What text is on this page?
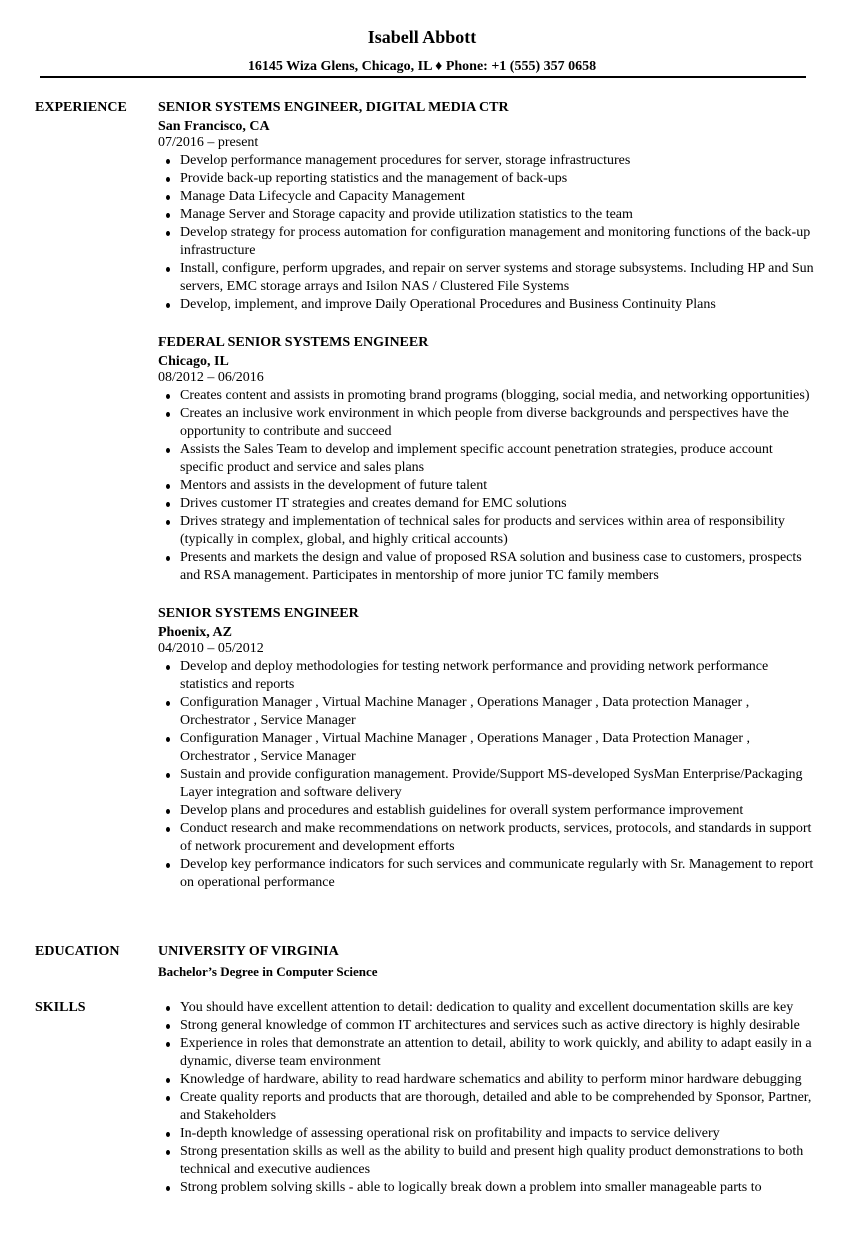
Isabell Abbott
16145 Wiza Glens, Chicago, IL ♦ Phone: +1 (555) 357 0658
EXPERIENCE SENIOR SYSTEMS ENGINEER, DIGITAL MEDIA CTR
San Francisco, CA
07/2016 – present
Develop performance management procedures for server, storage infrastructures
Provide back-up reporting statistics and the management of back-ups
Manage Data Lifecycle and Capacity Management
Manage Server and Storage capacity and provide utilization statistics to the team
Develop strategy for process automation for configuration management and monitoring functions of the back-up infrastructure
Install, configure, perform upgrades, and repair on server systems and storage subsystems. Including HP and Sun servers, EMC storage arrays and Isilon NAS / Clustered File Systems
Develop, implement, and improve Daily Operational Procedures and Business Continuity Plans
FEDERAL SENIOR SYSTEMS ENGINEER
Chicago, IL
08/2012 – 06/2016
Creates content and assists in promoting brand programs (blogging, social media, and networking opportunities)
Creates an inclusive work environment in which people from diverse backgrounds and perspectives have the opportunity to contribute and succeed
Assists the Sales Team to develop and implement specific account penetration strategies, produce account specific product and service and sales plans
Mentors and assists in the development of future talent
Drives customer IT strategies and creates demand for EMC solutions
Drives strategy and implementation of technical sales for products and services within area of responsibility (typically in complex, global, and highly critical accounts)
Presents and markets the design and value of proposed RSA solution and business case to customers, prospects and RSA management. Participates in mentorship of more junior TC family members
SENIOR SYSTEMS ENGINEER
Phoenix, AZ
04/2010 – 05/2012
Develop and deploy methodologies for testing network performance and providing network performance statistics and reports
Configuration Manager , Virtual Machine Manager , Operations Manager , Data protection Manager , Orchestrator , Service Manager
Configuration Manager , Virtual Machine Manager , Operations Manager , Data Protection Manager , Orchestrator , Service Manager
Sustain and provide configuration management. Provide/Support MS-developed SysMan Enterprise/Packaging Layer integration and software delivery
Develop plans and procedures and establish guidelines for overall system performance improvement
Conduct research and make recommendations on network products, services, protocols, and standards in support of network procurement and development efforts
Develop key performance indicators for such services and communicate regularly with Sr. Management to report on operational performance
EDUCATION	UNIVERSITY OF VIRGINIA
Bachelor’s Degree in Computer Science
SKILLS	You should have excellent attention to detail: dedication to quality and excellent documentation skills are key
Strong general knowledge of common IT architectures and services such as active directory is highly desirable
Experience in roles that demonstrate an attention to detail, ability to work quickly, and ability to adapt easily in a dynamic, diverse team environment
Knowledge of hardware, ability to read hardware schematics and ability to perform minor hardware debugging
Create quality reports and products that are thorough, detailed and able to be comprehended by Sponsor, Partner, and Stakeholders
In-depth knowledge of assessing operational risk on profitability and impacts to service delivery
Strong presentation skills as well as the ability to build and present high quality product demonstrations to both technical and executive audiences
Strong problem solving skills - able to logically break down a problem into smaller manageable parts to
